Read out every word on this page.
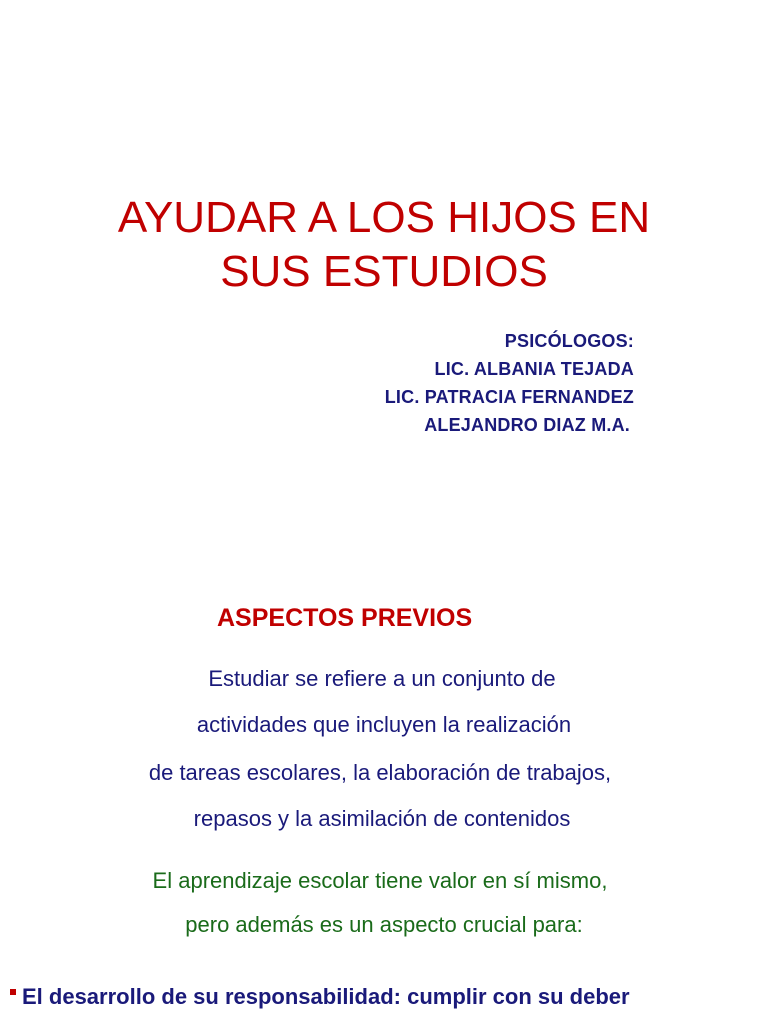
AYUDAR A LOS HIJOS EN
SUS ESTUDIOS
PSICÓLOGOS:
LIC. ALBANIA TEJADA
LIC. PATRACIA FERNANDEZ
ALEJANDRO DIAZ M.A.
ASPECTOS PREVIOS
Estudiar se refiere a un conjunto de
actividades que incluyen la realización
de tareas escolares, la elaboración de trabajos,
repasos y la asimilación de contenidos
El aprendizaje escolar tiene valor en sí mismo,
pero además es un aspecto crucial para:
El desarrollo de su responsabilidad: cumplir con su deber
